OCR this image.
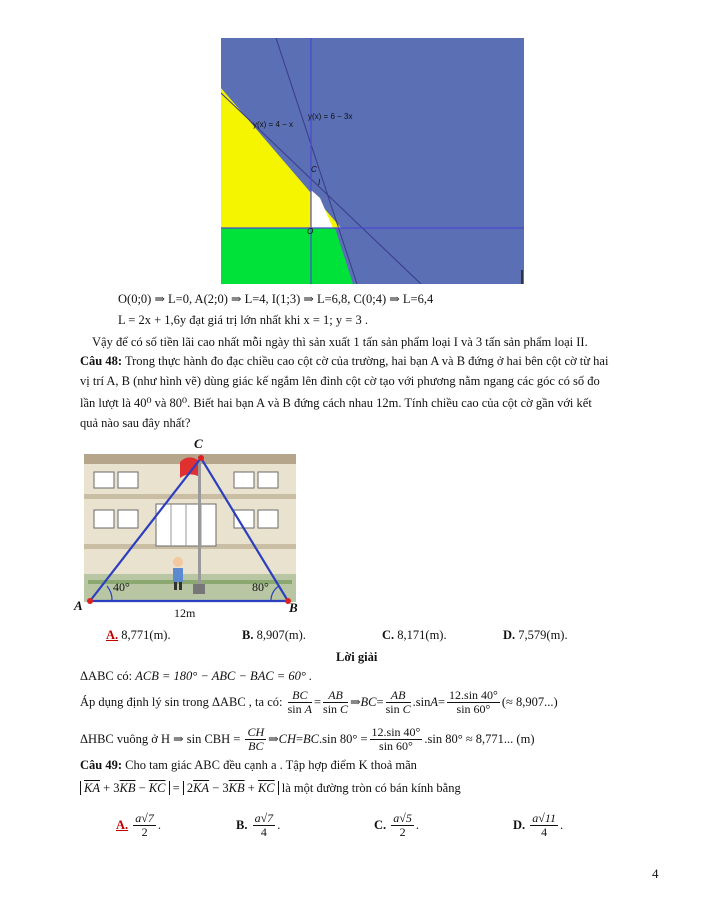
y(x) = 4 − x
y(x) = 6 − 3x
C
I
O
O(0;0) ⇒ L=0, A(2;0) ⇒ L=4, I(1;3) ⇒ L=6,8, C(0;4) ⇒ L=6,4
L = 2x + 1,6y đạt giá trị lớn nhất khi x = 1; y = 3 .
Vậy để có số tiền lãi cao nhất mỗi ngày thì sản xuất 1 tấn sản phẩm loại I và 3 tấn sản phẩm loại II.
Câu 48: Trong thực hành đo đạc chiều cao cột cờ của trường, hai bạn A và B đứng ở hai bên cột cờ từ hai
vị trí A, B (như hình vẽ) dùng giác kế ngắm lên đỉnh cột cờ tạo với phương nằm ngang các góc có số đo
lần lượt là 40⁰ và 80⁰. Biết hai bạn A và B đứng cách nhau 12m. Tính chiều cao của cột cờ gần với kết
quả nào sau đây nhất?
C
A	B
40°	80°
12m
A. 8,771(m).	B. 8,907(m).	C. 8,171(m).	D. 7,579(m).
Lời giải
ΔABC có: ACB = 180° − ABC − BAC = 60° .
Áp dụng định lý sin trong ΔABC , ta có:
$\frac{BC}{\text{sin A}} = \frac{AB}{\text{sin C}}$ ⇒ BC = $\frac{AB}{\text{sin C}} .\sin$ $A = \frac{12.\sin 40^\circ}{\sin 60^\circ}$ (≈ 8,907...)
ΔHBC vuông ở H ⇒ sin CBH =
$\frac{CH}{BC}$ ⇒ CH = BC .sin $80^\circ = \frac{12.\sin 40^\circ}{\sin 60^\circ} .\sin$ 80° ≈ 8,771... (m)
Câu 49: Cho tam giác ABC đều cạnh a . Tập hợp điểm K thoả mãn
$\overline{KA} + 3\overline{KB} - \overline{KC} = 2\overline{KA} - 3\overline{KB} + \overline{KC}$ là một đường tròn có bán kính bằng
A.
$\frac{a√7}{2}$ .	B.
$\frac{a√7}{4}$ .	C.
$\frac{a√5}{2}$ .	D.
$\frac{a√11}{4}$ .
4
